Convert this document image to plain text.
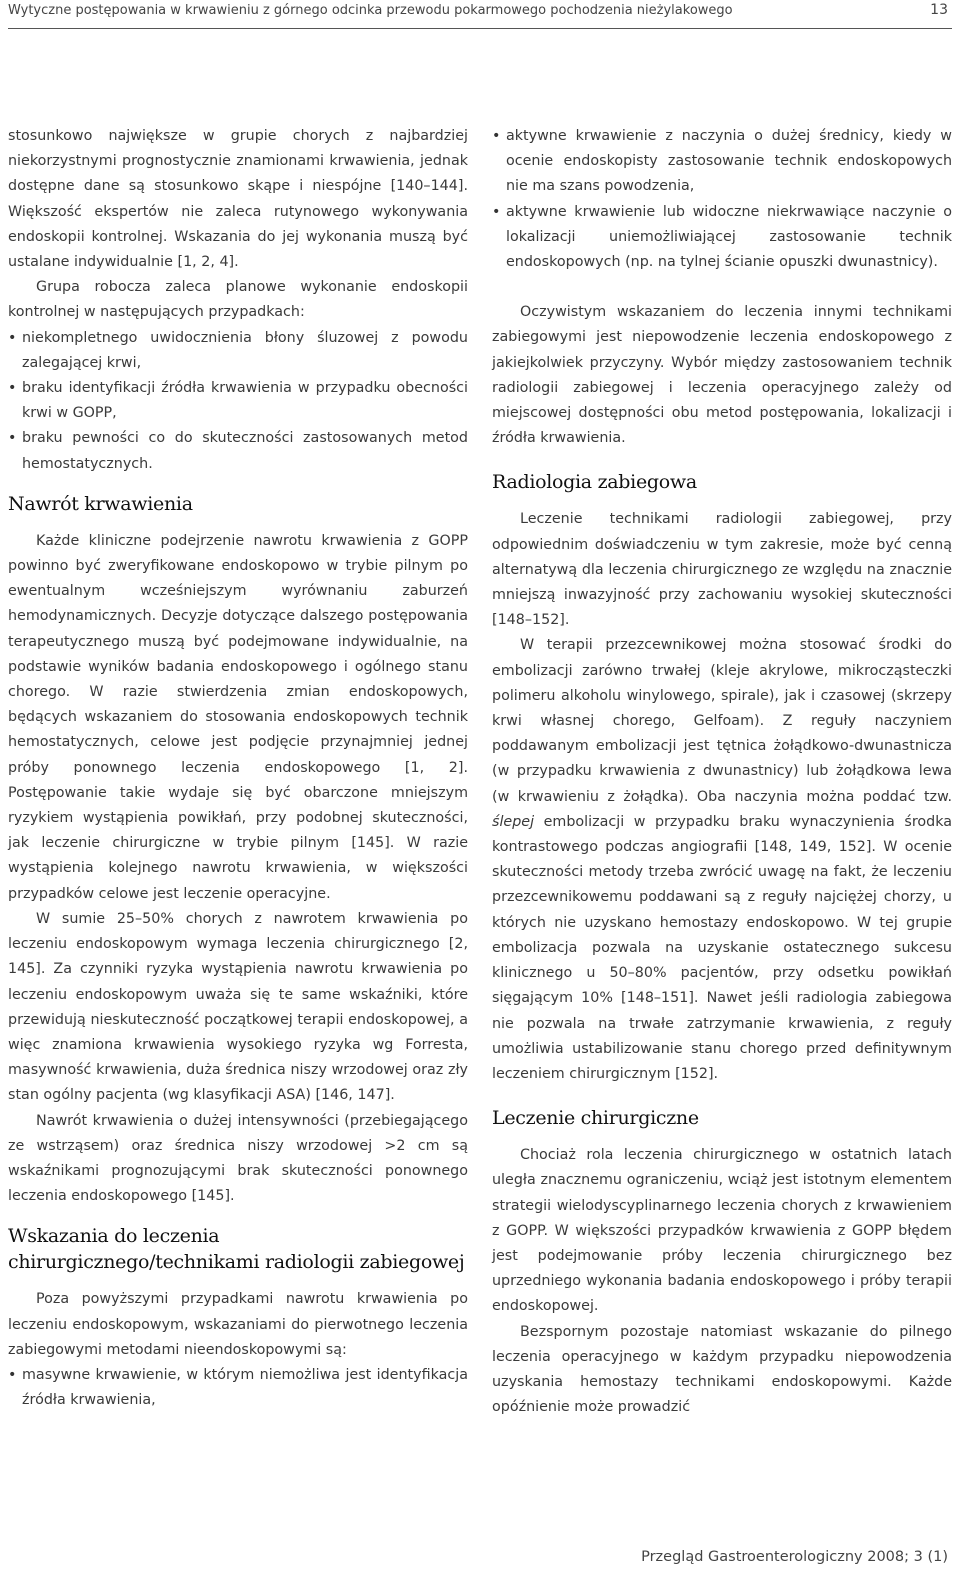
Wytyczne postępowania w krwawieniu z górnego odcinka przewodu pokarmowego pochodzenia nieżylakowego	13

stosunkowo największe w grupie chorych z najbardziej niekorzystnymi prognostycznie znamionami krwawienia, jednak dostępne dane są stosunkowo skąpe i niespójne [140–144]. Większość ekspertów nie zaleca rutynowego wykonywania endoskopii kontrolnej. Wskazania do jej wykonania muszą być ustalane indywidualnie [1, 2, 4].

Grupa robocza zaleca planowe wykonanie endoskopii kontrolnej w następujących przypadkach:

• niekompletnego uwidocznienia błony śluzowej z powodu zalegającej krwi,
• braku identyfikacji źródła krwawienia w przypadku obecności krwi w GOPP,
• braku pewności co do skuteczności zastosowanych metod hemostatycznych.
Nawrót krwawienia

Każde kliniczne podejrzenie nawrotu krwawienia z GOPP powinno być zweryfikowane endoskopowo w trybie pilnym po ewentualnym wcześniejszym wyrównaniu zaburzeń hemodynamicznych. Decyzje dotyczące dalszego postępowania terapeutycznego muszą być podejmowane indywidualnie, na podstawie wyników badania endoskopowego i ogólnego stanu chorego. W razie stwierdzenia zmian endoskopowych, będących wskazaniem do stosowania endoskopowych technik hemostatycznych, celowe jest podjęcie przynajmniej jednej próby ponownego leczenia endoskopowego [1, 2]. Postępowanie takie wydaje się być obarczone mniejszym ryzykiem wystąpienia powikłań, przy podobnej skuteczności, jak leczenie chirurgiczne w trybie pilnym [145]. W razie wystąpienia kolejnego nawrotu krwawienia, w większości przypadków celowe jest leczenie operacyjne.

W sumie 25–50% chorych z nawrotem krwawienia po leczeniu endoskopowym wymaga leczenia chirurgicznego [2, 145]. Za czynniki ryzyka wystąpienia nawrotu krwawienia po leczeniu endoskopowym uważa się te same wskaźniki, które przewidują nieskuteczność początkowej terapii endoskopowej, a więc znamiona krwawienia wysokiego ryzyka wg Forresta, masywność krwawienia, duża średnica niszy wrzodowej oraz zły stan ogólny pacjenta (wg klasyfikacji ASA) [146, 147].

Nawrót krwawienia o dużej intensywności (przebiegającego ze wstrząsem) oraz średnica niszy wrzodowej >2 cm są wskaźnikami prognozującymi brak skuteczności ponownego leczenia endoskopowego [145].

Wskazania do leczenia chirurgicznego/technikami radiologii zabiegowej

Poza powyższymi przypadkami nawrotu krwawienia po leczeniu endoskopowym, wskazaniami do pierwotnego leczenia zabiegowymi metodami nieendoskopowymi są:

• masywne krwawienie, w którym niemożliwa jest identyfikacja źródła krwawienia,
• aktywne krwawienie z naczynia o dużej średnicy, kiedy w ocenie endoskopisty zastosowanie technik endoskopowych nie ma szans powodzenia,
• aktywne krwawienie lub widoczne niekrwawiące naczynie o lokalizacji uniemożliwiającej zastosowanie technik endoskopowych (np. na tylnej ścianie opuszki dwunastnicy).

Oczywistym wskazaniem do leczenia innymi technikami zabiegowymi jest niepowodzenie leczenia endoskopowego z jakiejkolwiek przyczyny. Wybór między zastosowaniem technik radiologii zabiegowej i leczenia operacyjnego zależy od miejscowej dostępności obu metod postępowania, lokalizacji i źródła krwawienia.

Radiologia zabiegowa

Leczenie technikami radiologii zabiegowej, przy odpowiednim doświadczeniu w tym zakresie, może być cenną alternatywą dla leczenia chirurgicznego ze względu na znacznie mniejszą inwazyjność przy zachowaniu wysokiej skuteczności [148–152].

W terapii przezcewnikowej można stosować środki do embolizacji zarówno trwałej (kleje akrylowe, mikrocząsteczki polimeru alkoholu winylowego, spirale), jak i czasowej (skrzepy krwi własnej chorego, Gelfoam). Z reguły naczyniem poddawanym embolizacji jest tętnica żołądkowo-dwunastnicza (w przypadku krwawienia z dwunastnicy) lub żołądkowa lewa (w krwawieniu z żołądka). Oba naczynia można poddać tzw. ślepej embolizacji w przypadku braku wynaczynienia środka kontrastowego podczas angiografii [148, 149, 152]. W ocenie skuteczności metody trzeba zwrócić uwagę na fakt, że leczeniu przezcewnikowemu poddawani są z reguły najciężej chorzy, u których nie uzyskano hemostazy endoskopowo. W tej grupie embolizacja pozwala na uzyskanie ostatecznego sukcesu klinicznego u 50–80% pacjentów, przy odsetku powikłań sięgającym 10% [148–151]. Nawet jeśli radiologia zabiegowa nie pozwala na trwałe zatrzymanie krwawienia, z reguły umożliwia ustabilizowanie stanu chorego przed definitywnym leczeniem chirurgicznym [152].

Leczenie chirurgiczne

Chociaż rola leczenia chirurgicznego w ostatnich latach uległa znacznemu ograniczeniu, wciąż jest istotnym elementem strategii wielodyscyplinarnego leczenia chorych z krwawieniem z GOPP. W większości przypadków krwawienia z GOPP błędem jest podejmowanie próby leczenia chirurgicznego bez uprzedniego wykonania badania endoskopowego i próby terapii endoskopowej.

Bezspornym pozostaje natomiast wskazanie do pilnego leczenia operacyjnego w każdym przypadku niepowodzenia uzyskania hemostazy technikami endoskopowymi. Każde opóźnienie może prowadzić

Przegląd Gastroenterologiczny 2008; 3 (1)
